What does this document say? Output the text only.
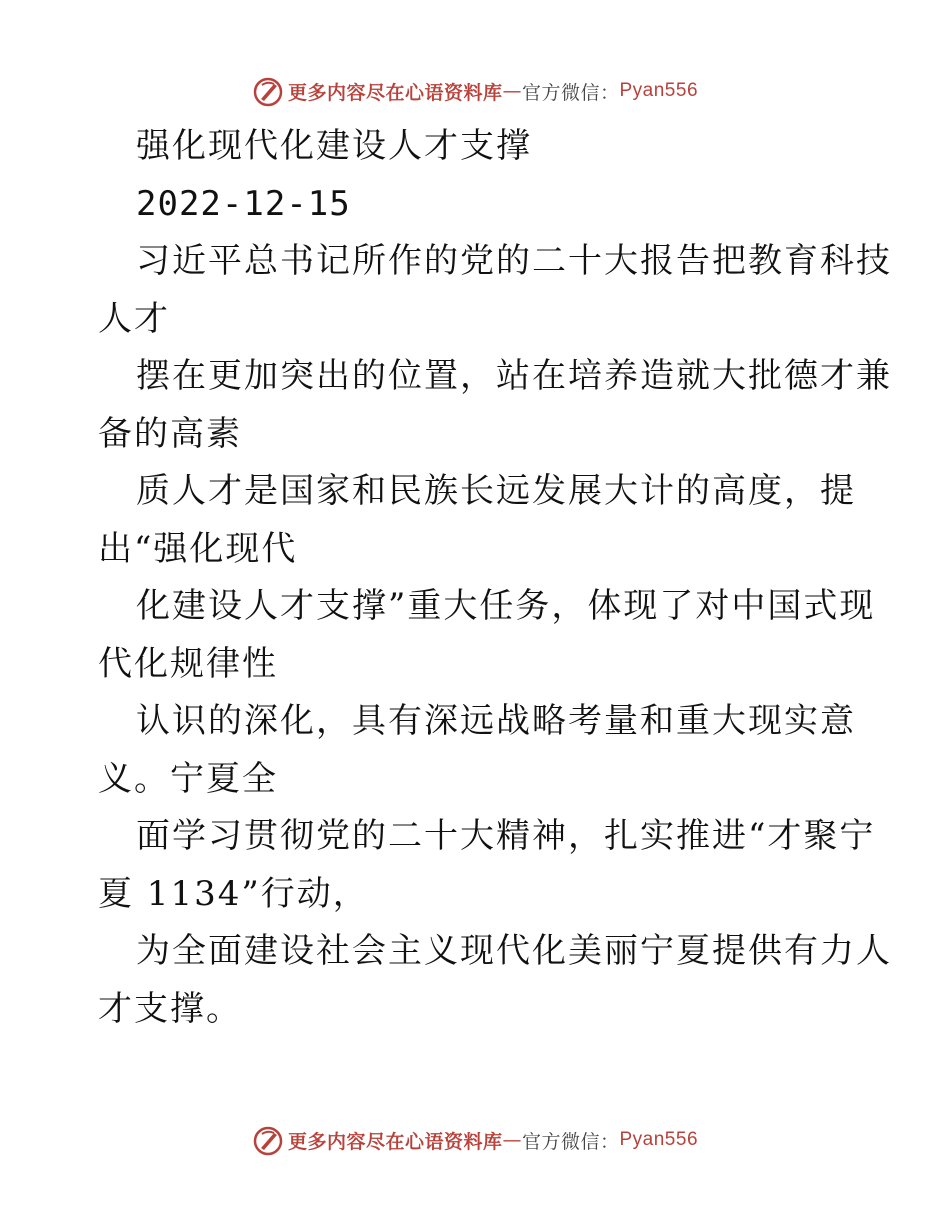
更多内容尽在心语资料库 — 官方微信： Pyan556
强化现代化建设人才支撑
2022-12-15
习近平总书记所作的党的二十大报告把教育科技
人才
摆在更加突出的位置，站在培养造就大批德才兼
备的高素
质人才是国家和民族长远发展大计的高度，提
出“强化现代
化建设人才支撑”重大任务，体现了对中国式现
代化规律性
认识的深化，具有深远战略考量和重大现实意
义。宁夏全
面学习贯彻党的二十大精神，扎实推进“才聚宁
夏 1134”行动，
为全面建设社会主义现代化美丽宁夏提供有力人
才支撑。
更多内容尽在心语资料库 — 官方微信： Pyan556
